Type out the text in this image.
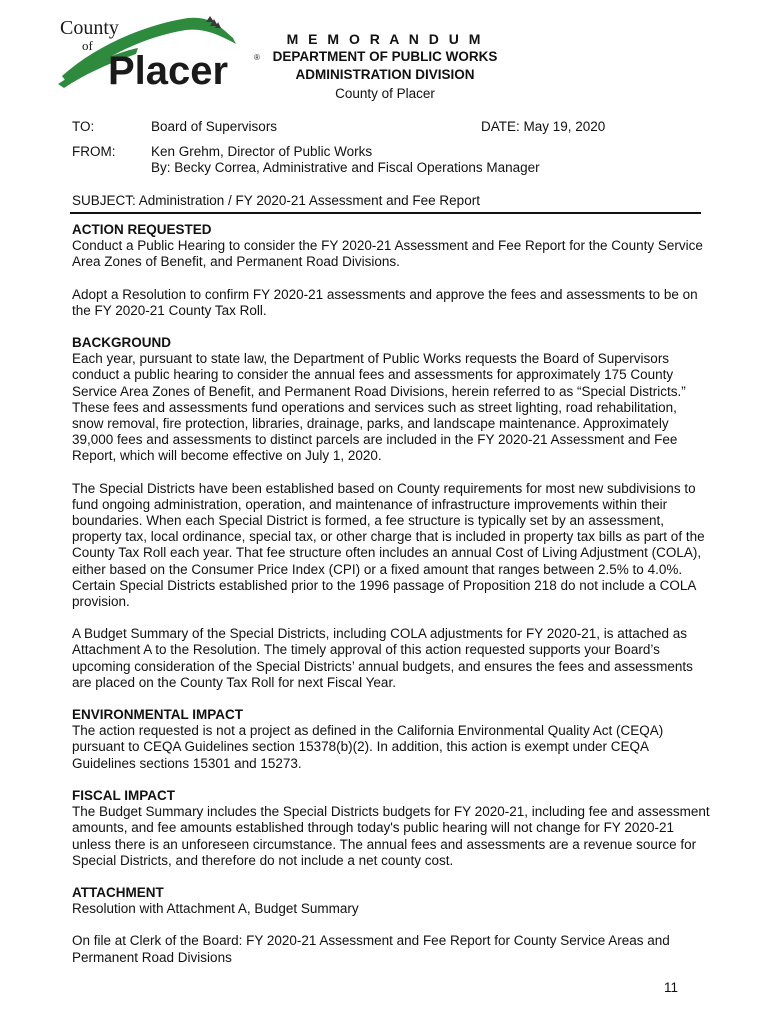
County
of
Placer	®
M E M O R A N D U M
DEPARTMENT OF PUBLIC WORKS
ADMINISTRATION DIVISION
County of Placer
TO:	Board of Supervisors	DATE: May 19, 2020
FROM:	Ken Grehm, Director of Public Works
By: Becky Correa, Administrative and Fiscal Operations Manager
SUBJECT: Administration / FY 2020-21 Assessment and Fee Report
ACTION REQUESTED

Conduct a Public Hearing to consider the FY 2020-21 Assessment and Fee Report for the County Service Area Zones of Benefit, and Permanent Road Divisions.

Adopt a Resolution to confirm FY 2020-21 assessments and approve the fees and assessments to be on the FY 2020-21 County Tax Roll.

BACKGROUND

Each year, pursuant to state law, the Department of Public Works requests the Board of Supervisors conduct a public hearing to consider the annual fees and assessments for approximately 175 County Service Area Zones of Benefit, and Permanent Road Divisions, herein referred to as “Special Districts.” These fees and assessments fund operations and services such as street lighting, road rehabilitation, snow removal, fire protection, libraries, drainage, parks, and landscape maintenance. Approximately 39,000 fees and assessments to distinct parcels are included in the FY 2020-21 Assessment and Fee Report, which will become effective on July 1, 2020.

The Special Districts have been established based on County requirements for most new subdivisions to fund ongoing administration, operation, and maintenance of infrastructure improvements within their boundaries. When each Special District is formed, a fee structure is typically set by an assessment, property tax, local ordinance, special tax, or other charge that is included in property tax bills as part of the County Tax Roll each year. That fee structure often includes an annual Cost of Living Adjustment (COLA), either based on the Consumer Price Index (CPI) or a fixed amount that ranges between 2.5% to 4.0%. Certain Special Districts established prior to the 1996 passage of Proposition 218 do not include a COLA provision.

A Budget Summary of the Special Districts, including COLA adjustments for FY 2020-21, is attached as Attachment A to the Resolution. The timely approval of this action requested supports your Board’s upcoming consideration of the Special Districts’ annual budgets, and ensures the fees and assessments are placed on the County Tax Roll for next Fiscal Year.

ENVIRONMENTAL IMPACT

The action requested is not a project as defined in the California Environmental Quality Act (CEQA) pursuant to CEQA Guidelines section 15378(b)(2). In addition, this action is exempt under CEQA Guidelines sections 15301 and 15273.

FISCAL IMPACT

The Budget Summary includes the Special Districts budgets for FY 2020-21, including fee and assessment amounts, and fee amounts established through today's public hearing will not change for FY 2020-21 unless there is an unforeseen circumstance. The annual fees and assessments are a revenue source for Special Districts, and therefore do not include a net county cost.

ATTACHMENT

Resolution with Attachment A, Budget Summary

On file at Clerk of the Board: FY 2020-21 Assessment and Fee Report for County Service Areas and Permanent Road Divisions

11
